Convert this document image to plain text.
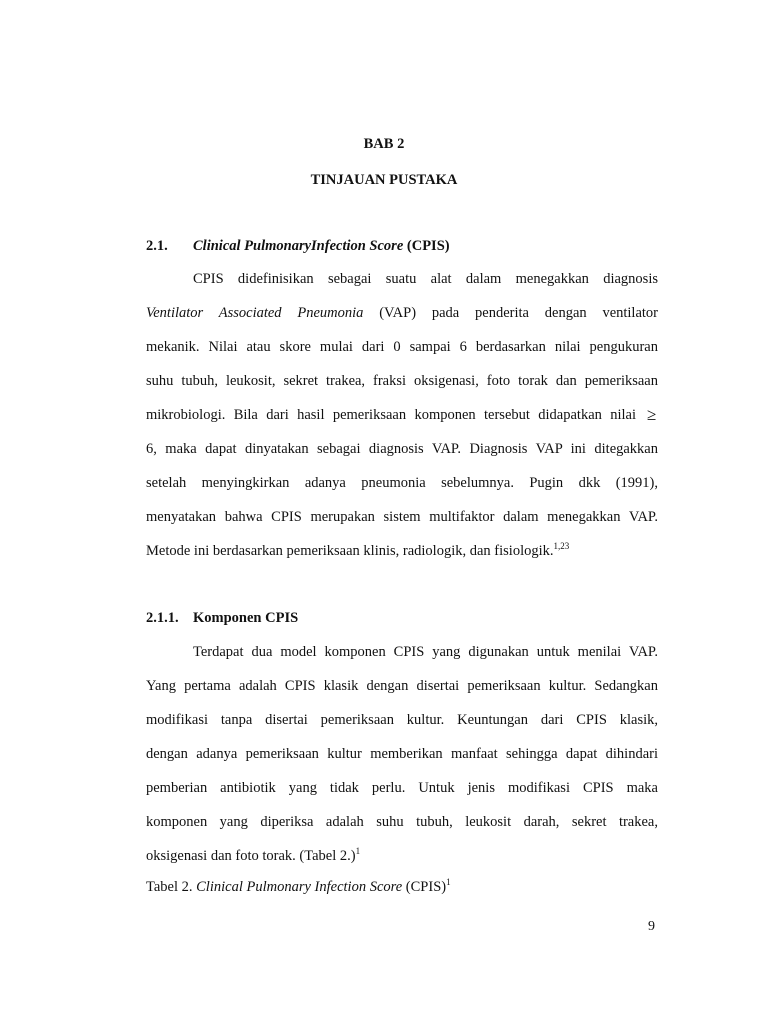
BAB 2
TINJAUAN PUSTAKA
2.1. Clinical PulmonaryInfection Score (CPIS)
CPIS didefinisikan sebagai suatu alat dalam menegakkan diagnosis
Ventilator Associated Pneumonia (VAP) pada penderita dengan ventilator
mekanik. Nilai atau skore mulai dari 0 sampai 6 berdasarkan nilai pengukuran
suhu tubuh, leukosit, sekret trakea, fraksi oksigenasi, foto torak dan pemeriksaan
mikrobiologi. Bila dari hasil pemeriksaan komponen tersebut didapatkan nilai ≥
6, maka dapat dinyatakan sebagai diagnosis VAP. Diagnosis VAP ini ditegakkan
setelah menyingkirkan adanya pneumonia sebelumnya. Pugin dkk (1991),
menyatakan bahwa CPIS merupakan sistem multifaktor dalam menegakkan VAP.
Metode ini berdasarkan pemeriksaan klinis, radiologik, dan fisiologik.$^{1,23}$
2.1.1. Komponen CPIS
Terdapat dua model komponen CPIS yang digunakan untuk menilai VAP.
Yang pertama adalah CPIS klasik dengan disertai pemeriksaan kultur. Sedangkan
modifikasi tanpa disertai pemeriksaan kultur. Keuntungan dari CPIS klasik,
dengan adanya pemeriksaan kultur memberikan manfaat sehingga dapat dihindari
pemberian antibiotik yang tidak perlu. Untuk jenis modifikasi CPIS maka
komponen yang diperiksa adalah suhu tubuh, leukosit darah, sekret trakea,
oksigenasi dan foto torak. (Tabel 2.)$^1$
Tabel 2. Clinical Pulmonary Infection Score (CPIS)$^1$
9
